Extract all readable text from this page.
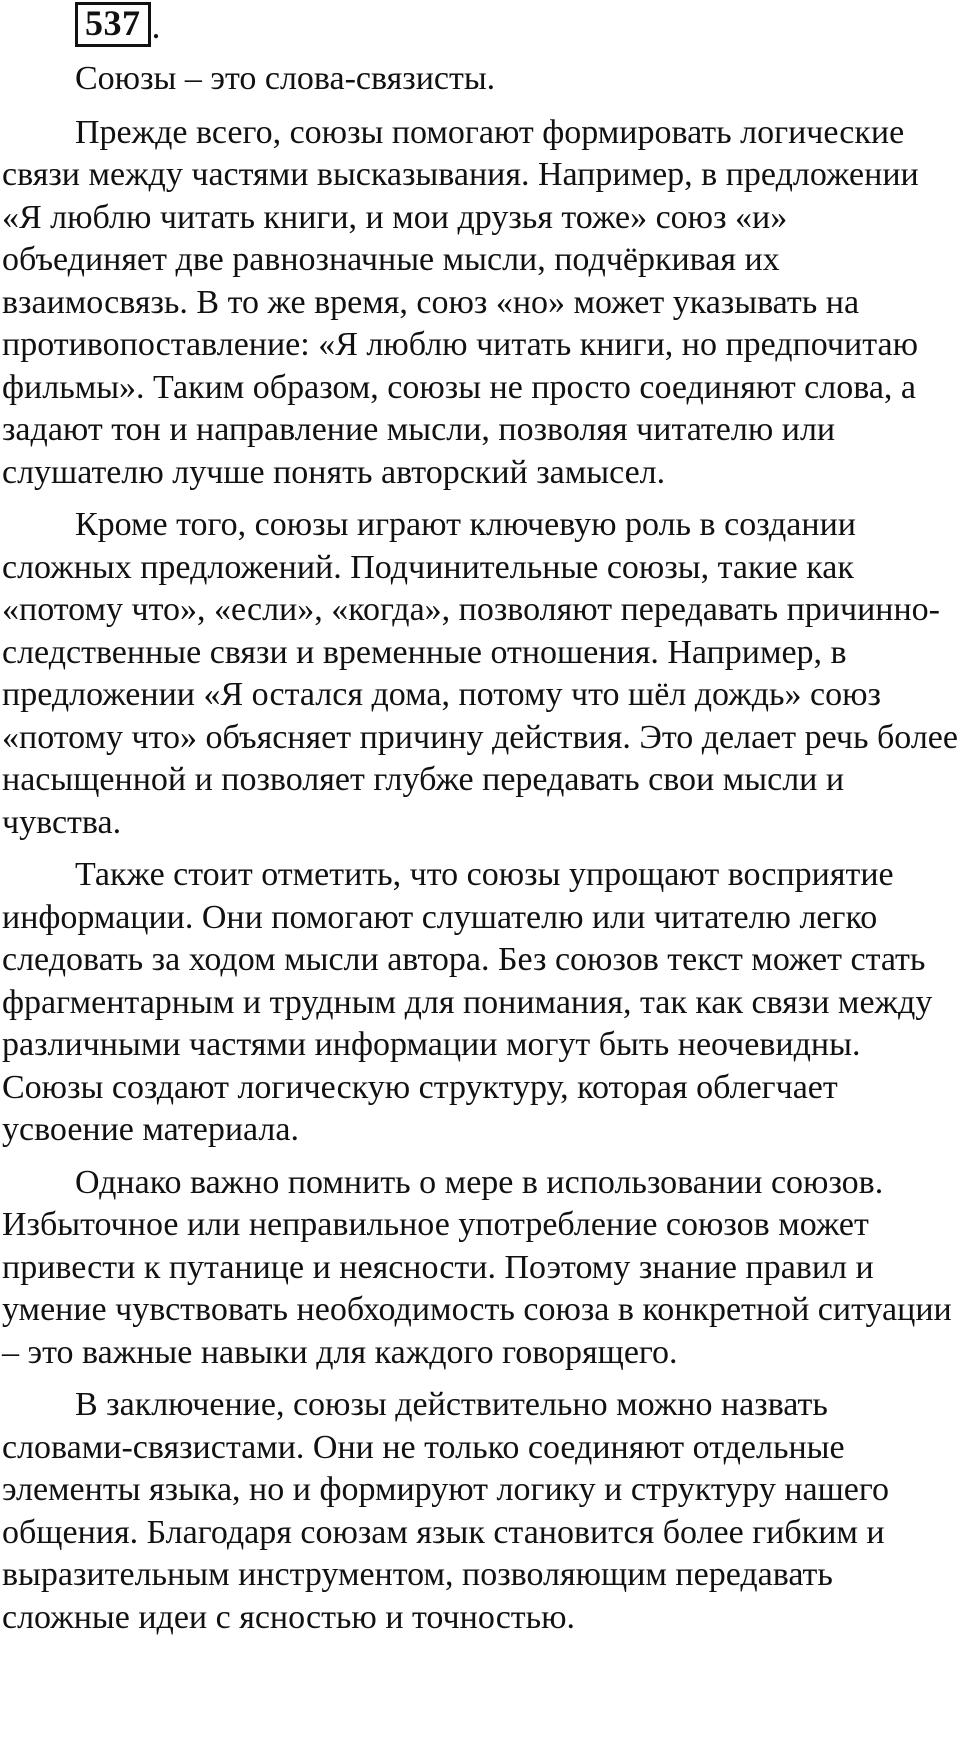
537 .

Союзы – это слова-связисты.

Прежде всего, союзы помогают формировать логические связи между частями высказывания. Например, в предложении «Я люблю читать книги, и мои друзья тоже» союз «и» объединяет две равнозначные мысли, подчёркивая их взаимосвязь. В то же время, союз «но» может указывать на противопоставление: «Я люблю читать книги, но предпочитаю фильмы». Таким образом, союзы не просто соединяют слова, а задают тон и направление мысли, позволяя читателю или слушателю лучше понять авторский замысел.

Кроме того, союзы играют ключевую роль в создании сложных предложений. Подчинительные союзы, такие как «потому что», «если», «когда», позволяют передавать причинно-следственные связи и временные отношения. Например, в предложении «Я остался дома, потому что шёл дождь» союз «потому что» объясняет причину действия. Это делает речь более насыщенной и позволяет глубже передавать свои мысли и чувства.

Также стоит отметить, что союзы упрощают восприятие информации. Они помогают слушателю или читателю легко следовать за ходом мысли автора. Без союзов текст может стать фрагментарным и трудным для понимания, так как связи между различными частями информации могут быть неочевидны. Союзы создают логическую структуру, которая облегчает усвоение материала.

Однако важно помнить о мере в использовании союзов. Избыточное или неправильное употребление союзов может привести к путанице и неясности. Поэтому знание правил и умение чувствовать необходимость союза в конкретной ситуации – это важные навыки для каждого говорящего.

В заключение, союзы действительно можно назвать словами-связистами. Они не только соединяют отдельные элементы языка, но и формируют логику и структуру нашего общения. Благодаря союзам язык становится более гибким и выразительным инструментом, позволяющим передавать сложные идеи с ясностью и точностью.
